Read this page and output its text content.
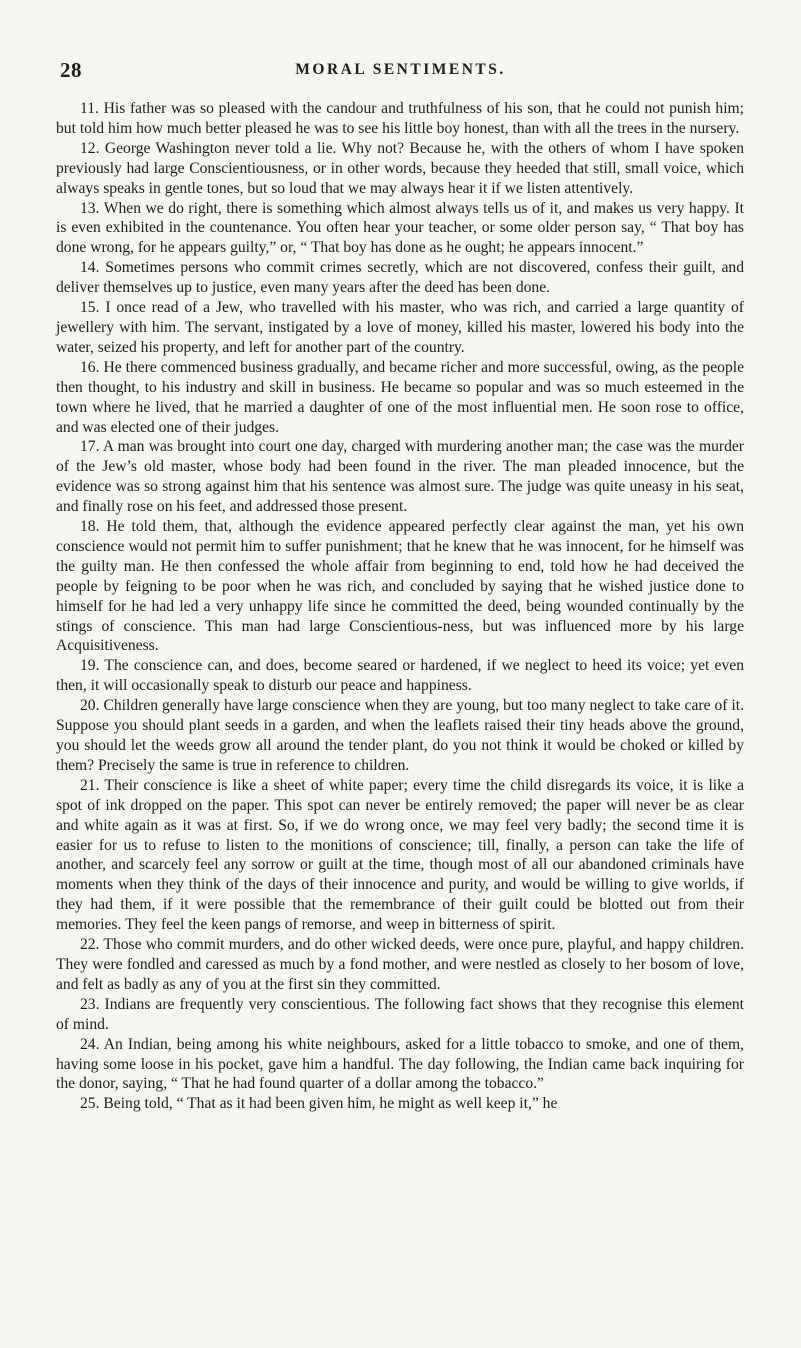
28	MORAL SENTIMENTS.

11. His father was so pleased with the candour and truthfulness of his son, that he could not punish him; but told him how much better pleased he was to see his little boy honest, than with all the trees in the nursery.

12. George Washington never told a lie. Why not? Because he, with the others of whom I have spoken previously had large Conscientiousness, or in other words, because they heeded that still, small voice, which always speaks in gentle tones, but so loud that we may always hear it if we listen attentively.

13. When we do right, there is something which almost always tells us of it, and makes us very happy. It is even exhibited in the countenance. You often hear your teacher, or some older person say, “ That boy has done wrong, for he appears guilty,” or, “ That boy has done as he ought; he appears innocent.”

14. Sometimes persons who commit crimes secretly, which are not discovered, confess their guilt, and deliver themselves up to justice, even many years after the deed has been done.

15. I once read of a Jew, who travelled with his master, who was rich, and carried a large quantity of jewellery with him. The servant, instigated by a love of money, killed his master, lowered his body into the water, seized his property, and left for another part of the country.

16. He there commenced business gradually, and became richer and more successful, owing, as the people then thought, to his industry and skill in business. He became so popular and was so much esteemed in the town where he lived, that he married a daughter of one of the most influential men. He soon rose to office, and was elected one of their judges.

17. A man was brought into court one day, charged with murdering another man; the case was the murder of the Jew’s old master, whose body had been found in the river. The man pleaded innocence, but the evidence was so strong against him that his sentence was almost sure. The judge was quite uneasy in his seat, and finally rose on his feet, and addressed those present.

18. He told them, that, although the evidence appeared perfectly clear against the man, yet his own conscience would not permit him to suffer punishment; that he knew that he was innocent, for he himself was the guilty man. He then confessed the whole affair from beginning to end, told how he had deceived the people by feigning to be poor when he was rich, and concluded by saying that he wished justice done to himself for he had led a very unhappy life since he committed the deed, being wounded continually by the stings of conscience. This man had large Conscientious-ness, but was influenced more by his large Acquisitiveness.

19. The conscience can, and does, become seared or hardened, if we neglect to heed its voice; yet even then, it will occasionally speak to disturb our peace and happiness.

20. Children generally have large conscience when they are young, but too many neglect to take care of it. Suppose you should plant seeds in a garden, and when the leaflets raised their tiny heads above the ground, you should let the weeds grow all around the tender plant, do you not think it would be choked or killed by them? Precisely the same is true in reference to children.

21. Their conscience is like a sheet of white paper; every time the child disregards its voice, it is like a spot of ink dropped on the paper. This spot can never be entirely removed; the paper will never be as clear and white again as it was at first. So, if we do wrong once, we may feel very badly; the second time it is easier for us to refuse to listen to the monitions of conscience; till, finally, a person can take the life of another, and scarcely feel any sorrow or guilt at the time, though most of all our abandoned criminals have moments when they think of the days of their innocence and purity, and would be willing to give worlds, if they had them, if it were possible that the remembrance of their guilt could be blotted out from their memories. They feel the keen pangs of remorse, and weep in bitterness of spirit.

22. Those who commit murders, and do other wicked deeds, were once pure, playful, and happy children. They were fondled and caressed as much by a fond mother, and were nestled as closely to her bosom of love, and felt as badly as any of you at the first sin they committed.

23. Indians are frequently very conscientious. The following fact shows that they recognise this element of mind.

24. An Indian, being among his white neighbours, asked for a little tobacco to smoke, and one of them, having some loose in his pocket, gave him a handful. The day following, the Indian came back inquiring for the donor, saying, “ That he had found quarter of a dollar among the tobacco.”

25. Being told, “ That as it had been given him, he might as well keep it,” he
